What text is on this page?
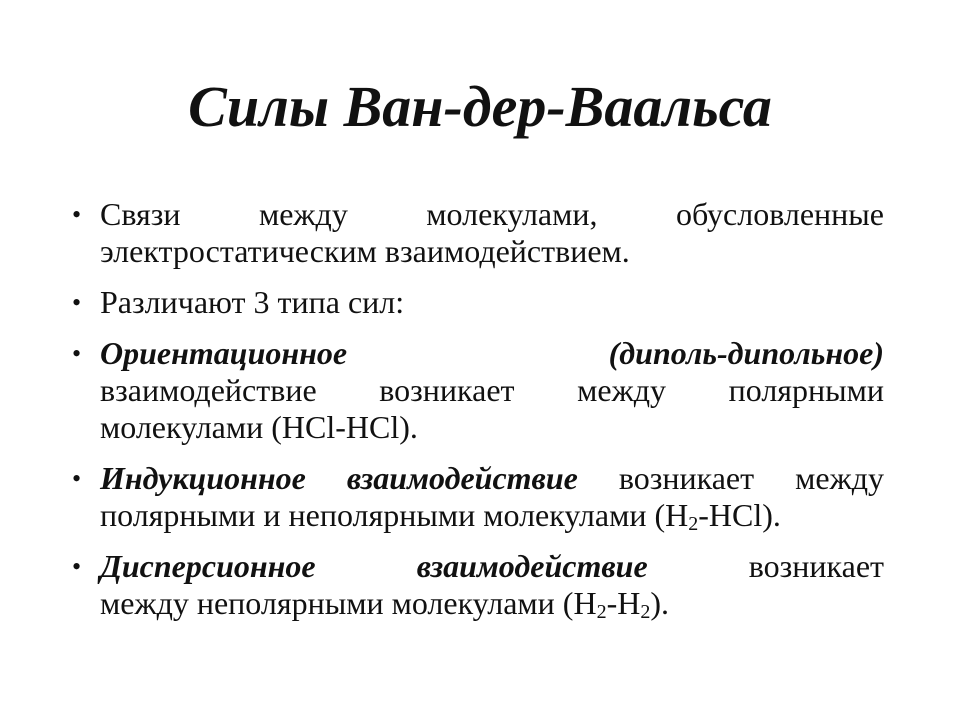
Силы Ван-дер-Ваальса
• Связи между молекулами, обусловленные
электростатическим взаимодействием.
• Различают 3 типа сил:
• Ориентационное (диполь-дипольное)
взаимодействие возникает между полярными
молекулами (HCl-HCl).
• Индукционное взаимодействие возникает между
полярными и неполярными молекулами $(H_2-HCl)$.
• Дисперсионное взаимодействие	возникает
между неполярными молекулами $(H_2-H_2)$.
